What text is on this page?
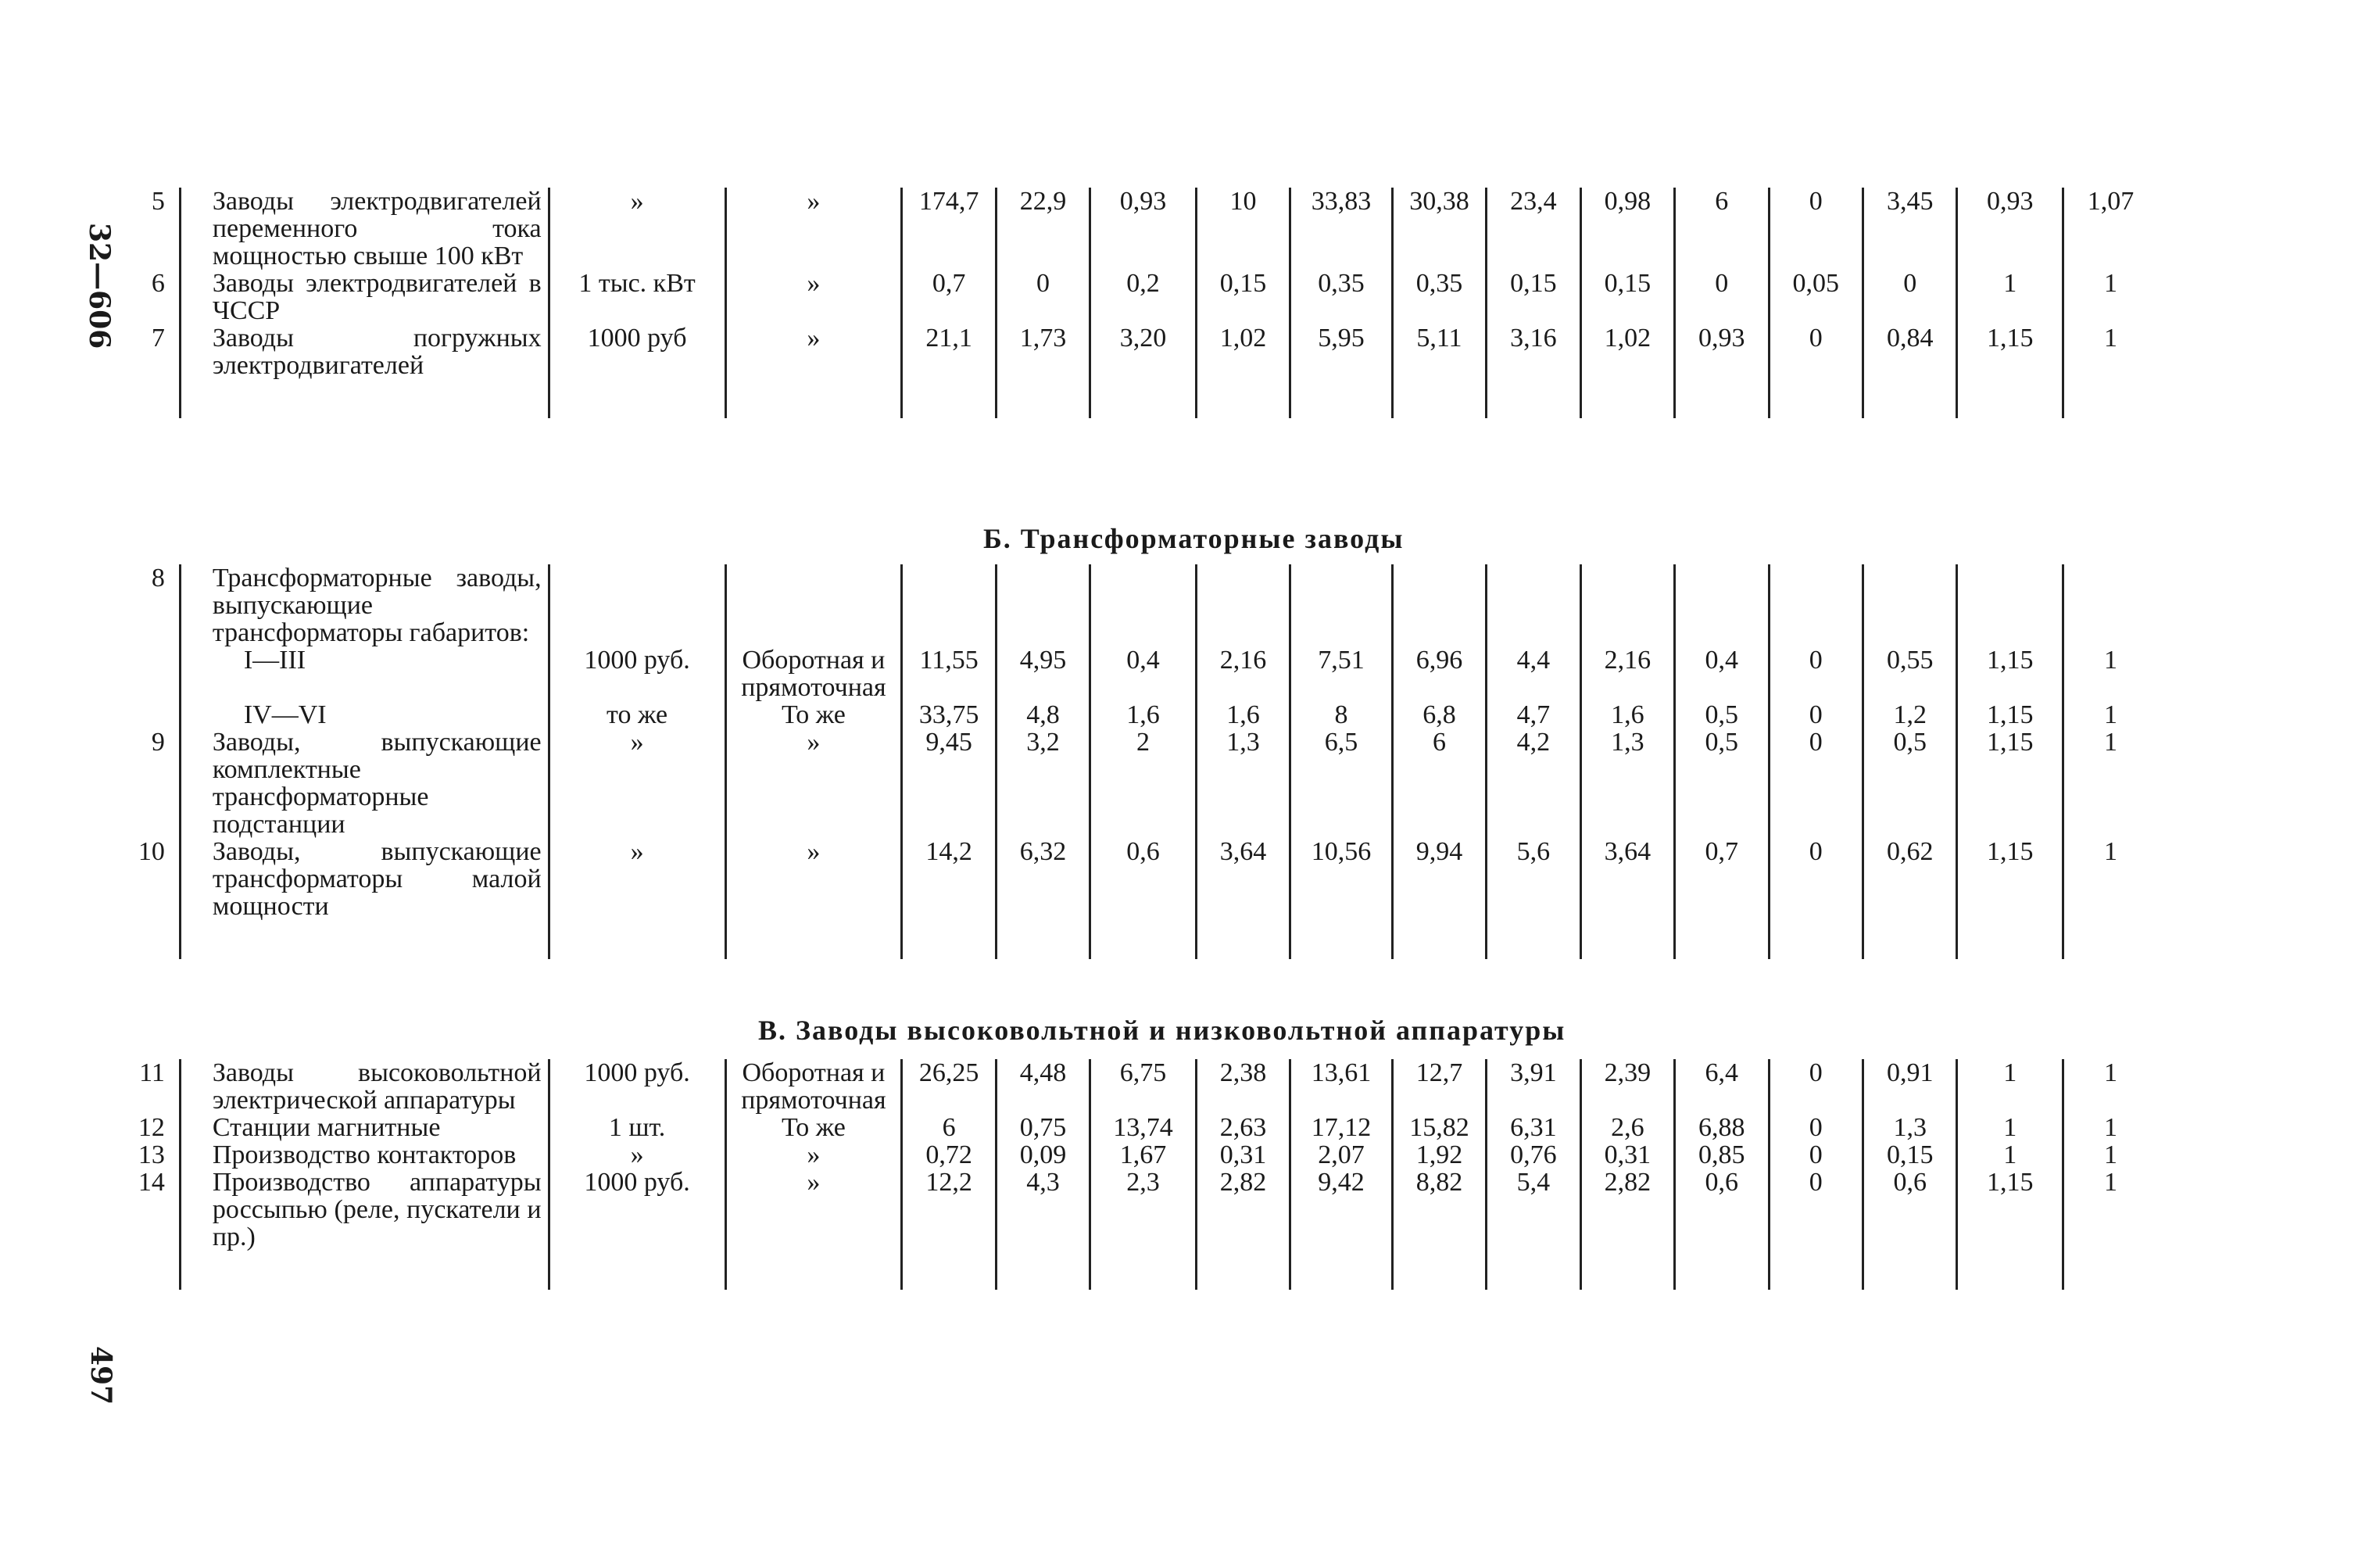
32—606
497
5	Заводы электродвигателей переменного тока мощностью свыше 100 кВт	»	»	174,7	22,9	0,93	10	33,83	30,38	23,4	0,98	6	0	3,45	0,93	1,07
6	Заводы электродвигателей в ЧССР	1 тыс. кВт	»	0,7	0	0,2	0,15	0,35	0,35	0,15	0,15	0	0,05	0	1	1
7	Заводы погружных электродвигателей	1000 руб	»	21,1	1,73	3,20	1,02	5,95	5,11	3,16	1,02	0,93	0	0,84	1,15	1

Б. Трансформаторные заводы
8	Трансформаторные заводы, выпускающие трансформаторы габаритов:															
	I—III	1000 руб.	Оборотная и прямоточная	11,55	4,95	0,4	2,16	7,51	6,96	4,4	2,16	0,4	0	0,55	1,15	1
	IV—VI	то же	То же	33,75	4,8	1,6	1,6	8	6,8	4,7	1,6	0,5	0	1,2	1,15	1
9	Заводы, выпускающие комплектные трансформаторные подстанции	»	»	9,45	3,2	2	1,3	6,5	6	4,2	1,3	0,5	0	0,5	1,15	1
10	Заводы, выпускающие трансформаторы малой мощности	»	»	14,2	6,32	0,6	3,64	10,56	9,94	5,6	3,64	0,7	0	0,62	1,15	1

В. Заводы высоковольтной и низковольтной аппаратуры
11	Заводы высоковольтной электрической аппаратуры	1000 руб.	Оборотная и прямоточная	26,25	4,48	6,75	2,38	13,61	12,7	3,91	2,39	6,4	0	0,91	1	1
12	Станции магнитные	1 шт.	То же	6	0,75	13,74	2,63	17,12	15,82	6,31	2,6	6,88	0	1,3	1	1
13	Производство контакторов	»	»	0,72	0,09	1,67	0,31	2,07	1,92	0,76	0,31	0,85	0	0,15	1	1
14	Производство аппаратуры россыпью (реле, пускатели и пр.)	1000 руб.	»	12,2	4,3	2,3	2,82	9,42	8,82	5,4	2,82	0,6	0	0,6	1,15	1
